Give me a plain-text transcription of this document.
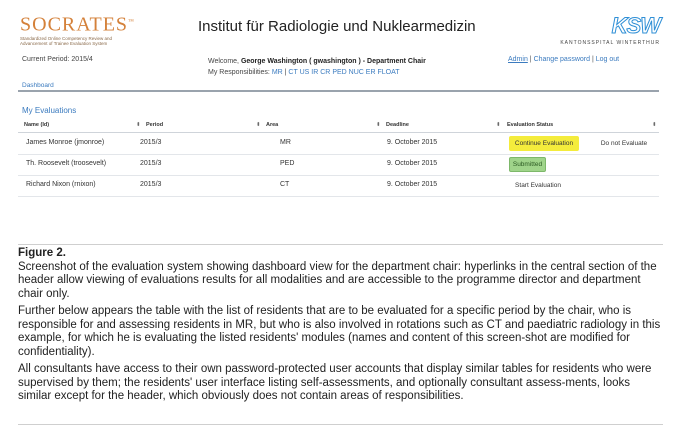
SOCRATES™
Standardized Online Competency Review and Advancement of Trainee Evaluation System
Institut für Radiologie und Nuklearmedizin	KSW
KANTONSSPITAL WINTERTHUR
Current Period: 2015/4	Welcome, George Washington ( gwashington ) - Department Chair
My Responsibilities: MR | CT US IR CR PED NUC ER FLOAT
Admin | Change password | Log out
Dashboard
My Evaluations
Name (Id)	⬍ Period	⬍ Area	⬍ Deadline	⬍ Evaluation Status	⬍
James Monroe (jmonroe)	2015/3	MR	9. October 2015	Continue Evaluation	Do not Evaluate
Th. Roosevelt (troosevelt)	2015/3	PED	9. October 2015	Submitted
Richard Nixon (rnixon)	2015/3	CT	9. October 2015	Start Evaluation
Figure 2.

Screenshot of the evaluation system showing dashboard view for the department chair: hyperlinks in the central section of the header allow viewing of evaluations results for all modalities and are accessible to the programme director and department chair only.

Further below appears the table with the list of residents that are to be evaluated for a specific period by the chair, who is responsible for and assessing residents in MR, but who is also involved in rotations such as CT and paediatric radiology in this example, for which he is evaluating the listed residents' modules (names and content of this screen-shot are modified for confidentiality).

All consultants have access to their own password-protected user accounts that display similar tables for residents who were supervised by them; the residents' user interface listing self-assessments, and optionally consultant assess-ments, looks similar except for the header, which obviously does not contain areas of responsibilities.
